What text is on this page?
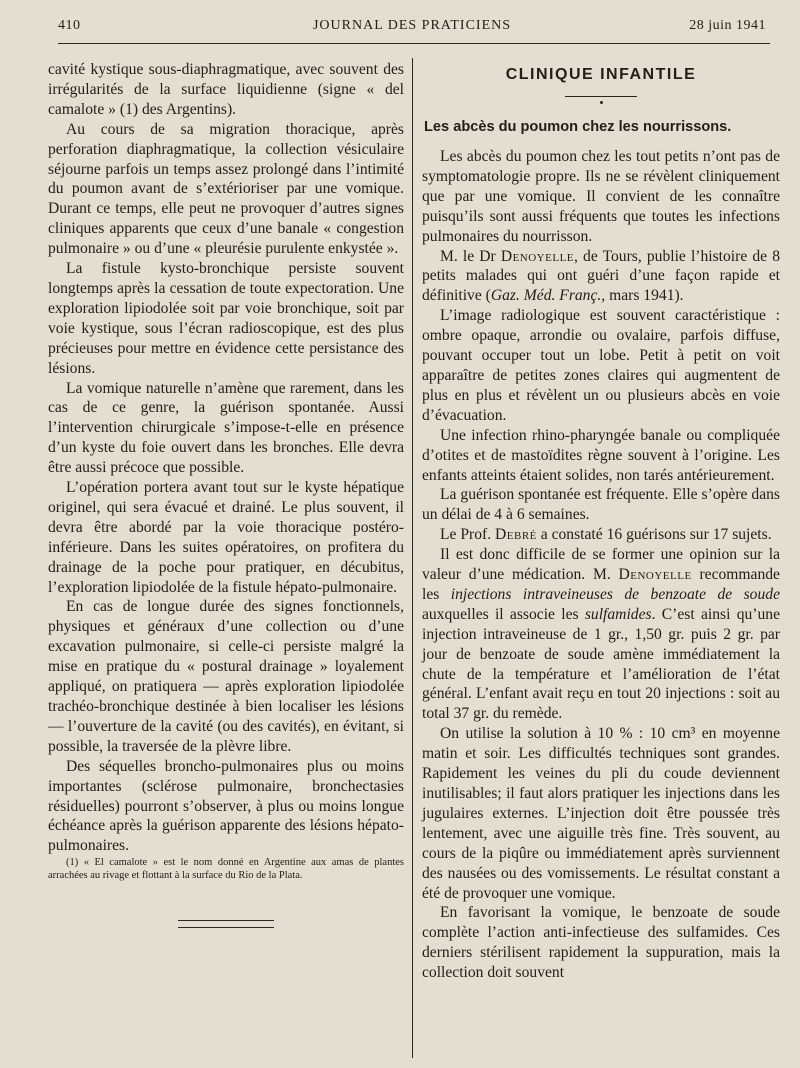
410	JOURNAL DES PRATICIENS	28 juin 1941

cavité kystique sous-diaphragmatique, avec souvent des irrégularités de la surface liquidienne (signe « del camalote » (1) des Argentins).

Au cours de sa migration thoracique, après perforation diaphragmatique, la collection vésiculaire séjourne parfois un temps assez prolongé dans l’intimité du poumon avant de s’extérioriser par une vomique. Durant ce temps, elle peut ne provoquer d’autres signes cliniques apparents que ceux d’une banale « congestion pulmonaire » ou d’une « pleurésie purulente enkystée ».

La fistule kysto-bronchique persiste souvent longtemps après la cessation de toute expectoration. Une exploration lipiodolée soit par voie bronchique, soit par voie kystique, sous l’écran radioscopique, est des plus précieuses pour mettre en évidence cette persistance des lésions.

La vomique naturelle n’amène que rarement, dans les cas de ce genre, la guérison spontanée. Aussi l’intervention chirurgicale s’impose-t-elle en présence d’un kyste du foie ouvert dans les bronches. Elle devra être aussi précoce que possible.

L’opération portera avant tout sur le kyste hépatique originel, qui sera évacué et drainé. Le plus souvent, il devra être abordé par la voie thoracique postéro-inférieure. Dans les suites opératoires, on profitera du drainage de la poche pour pratiquer, en décubitus, l’exploration lipiodolée de la fistule hépato-pulmonaire.

En cas de longue durée des signes fonctionnels, physiques et généraux d’une collection ou d’une excavation pulmonaire, si celle-ci persiste malgré la mise en pratique du « postural drainage » loyalement appliqué, on pratiquera — après exploration lipiodolée trachéo-bronchique destinée à bien localiser les lésions — l’ouverture de la cavité (ou des cavités), en évitant, si possible, la traversée de la plèvre libre.

Des séquelles broncho-pulmonaires plus ou moins importantes (sclérose pulmonaire, bronchectasies résiduelles) pourront s’observer, à plus ou moins longue échéance après la guérison apparente des lésions hépato-pulmonaires.

(1) « El camalote » est le nom donné en Argentine aux amas de plantes arrachées au rivage et flottant à la surface du Rio de la Plata.

CLINIQUE INFANTILE
Les abcès du poumon chez les nourrissons.

Les abcès du poumon chez les tout petits n’ont pas de symptomatologie propre. Ils ne se révèlent cliniquement que par une vomique. Il convient de les connaître puisqu’ils sont aussi fréquents que toutes les infections pulmonaires du nourrisson.

M. le Dr Denoyelle, de Tours, publie l’histoire de 8 petits malades qui ont guéri d’une façon rapide et définitive (Gaz. Méd. Franç., mars 1941).

L’image radiologique est souvent caractéristique : ombre opaque, arrondie ou ovalaire, parfois diffuse, pouvant occuper tout un lobe. Petit à petit on voit apparaître de petites zones claires qui augmentent de plus en plus et révèlent un ou plusieurs abcès en voie d’évacuation.

Une infection rhino-pharyngée banale ou compliquée d’otites et de mastoïdites règne souvent à l’origine. Les enfants atteints étaient solides, non tarés antérieurement.

La guérison spontanée est fréquente. Elle s’opère dans un délai de 4 à 6 semaines.

Le Prof. Debré a constaté 16 guérisons sur 17 sujets.

Il est donc difficile de se former une opinion sur la valeur d’une médication. M. Denoyelle recommande les injections intraveineuses de benzoate de soude auxquelles il associe les sulfamides. C’est ainsi qu’une injection intraveineuse de 1 gr., 1,50 gr. puis 2 gr. par jour de benzoate de soude amène immédiatement la chute de la température et l’amélioration de l’état général. L’enfant avait reçu en tout 20 injections : soit au total 37 gr. du remède.

On utilise la solution à 10 % : 10 cm³ en moyenne matin et soir. Les difficultés techniques sont grandes. Rapidement les veines du pli du coude deviennent inutilisables; il faut alors pratiquer les injections dans les jugulaires externes. L’injection doit être poussée très lentement, avec une aiguille très fine. Très souvent, au cours de la piqûre ou immédiatement après surviennent des nausées ou des vomissements. Le résultat constant a été de provoquer une vomique.

En favorisant la vomique, le benzoate de soude complète l’action anti-infectieuse des sulfamides. Ces derniers stérilisent rapidement la suppuration, mais la collection doit souvent
